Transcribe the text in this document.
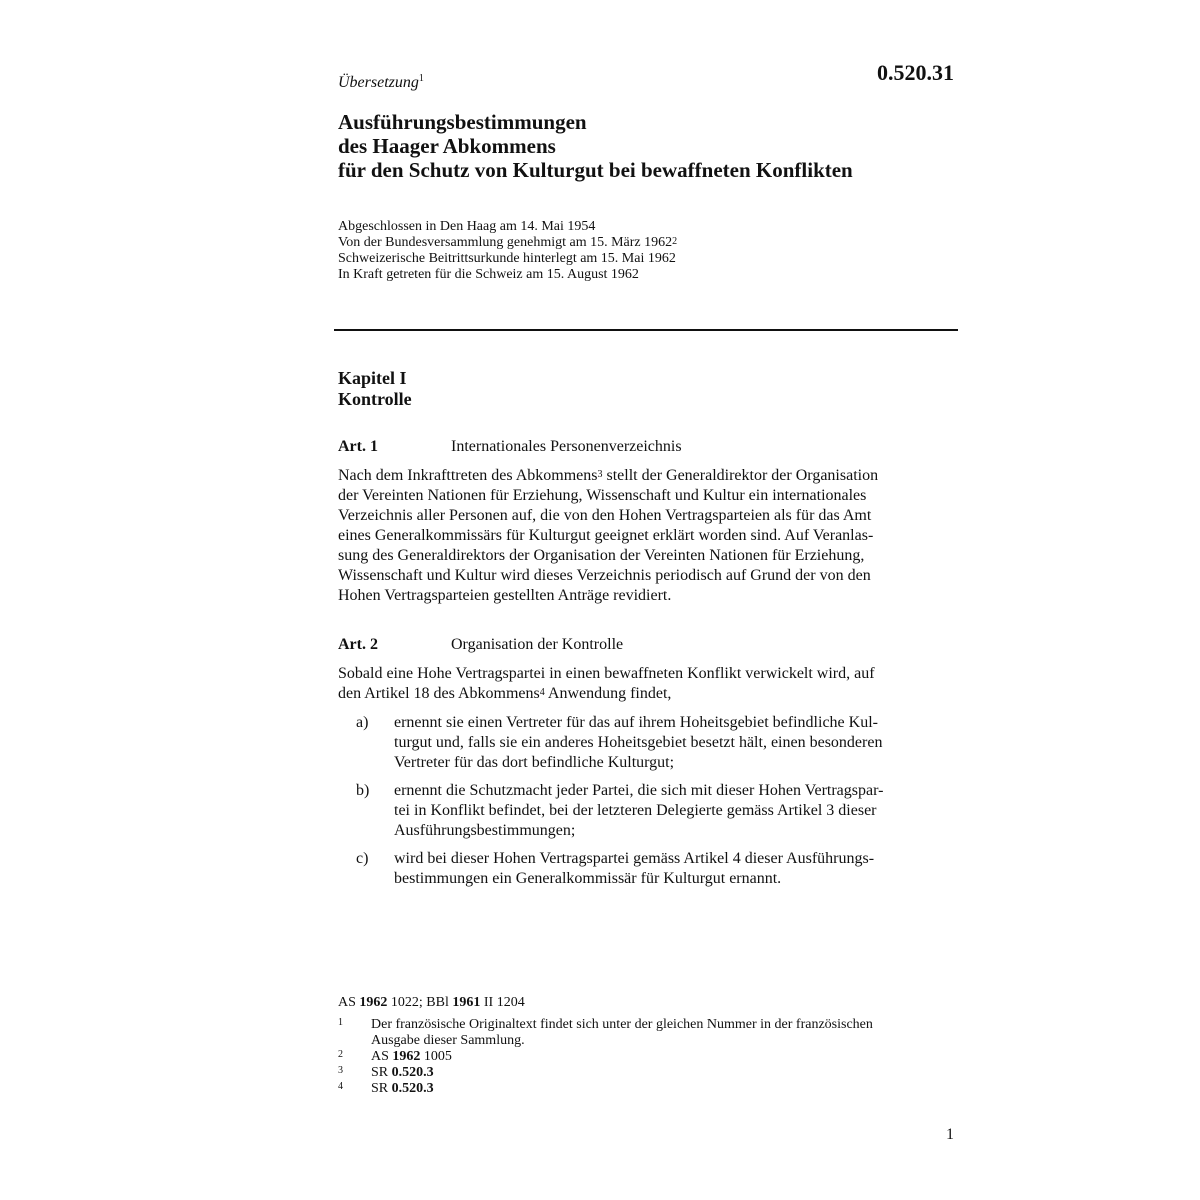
0.520.31
Übersetzung$^1$
Ausführungsbestimmungen
des Haager Abkommens
für den Schutz von Kulturgut bei bewaffneten Konflikten
Abgeschlossen in Den Haag am 14. Mai 1954
Von der Bundesversammlung genehmigt am 15. März 1962$^2$
Schweizerische Beitrittsurkunde hinterlegt am 15. Mai 1962
In Kraft getreten für die Schweiz am 15. August 1962
Kapitel I
Kontrolle
Art. 1	Internationales Personenverzeichnis
Nach dem Inkrafttreten des Abkommens$^3$ stellt der Generaldirektor der Organisation
der Vereinten Nationen für Erziehung, Wissenschaft und Kultur ein internationales
Verzeichnis aller Personen auf, die von den Hohen Vertragsparteien als für das Amt
eines Generalkommissärs für Kulturgut geeignet erklärt worden sind. Auf Veranlas-
sung des Generaldirektors der Organisation der Vereinten Nationen für Erziehung,
Wissenschaft und Kultur wird dieses Verzeichnis periodisch auf Grund der von den
Hohen Vertragsparteien gestellten Anträge revidiert.
Art. 2	Organisation der Kontrolle
Sobald eine Hohe Vertragspartei in einen bewaffneten Konflikt verwickelt wird, auf
den Artikel 18 des Abkommens$^4$ Anwendung findet,
a) ernennt sie einen Vertreter für das auf ihrem Hoheitsgebiet befindliche Kul-
turgut und, falls sie ein anderes Hoheitsgebiet besetzt hält, einen besonderen
Vertreter für das dort befindliche Kulturgut;
b) ernennt die Schutzmacht jeder Partei, die sich mit dieser Hohen Vertragspar-
tei in Konflikt befindet, bei der letzteren Delegierte gemäss Artikel 3 dieser
Ausführungsbestimmungen;
c) wird bei dieser Hohen Vertragspartei gemäss Artikel 4 dieser Ausführungs-
bestimmungen ein Generalkommissär für Kulturgut ernannt.
AS 1962 1022; BBl 1961 II 1204
1 Der französische Originaltext findet sich unter der gleichen Nummer in der französischen
Ausgabe dieser Sammlung.
2 AS 1962 1005
3 SR 0.520.3
4 SR 0.520.3
1
